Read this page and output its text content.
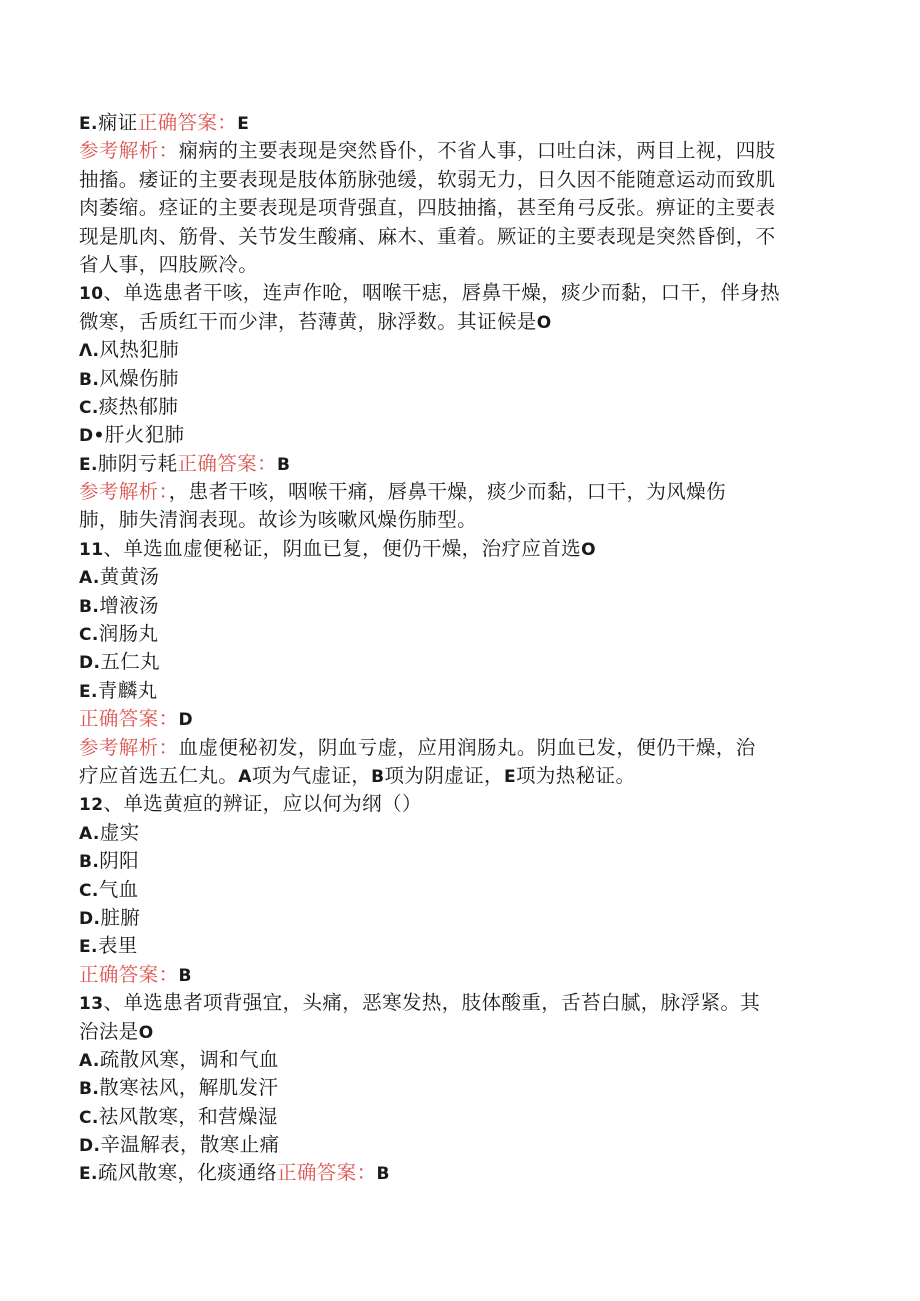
E.痫证正确答案：E
参考解析：痫病的主要表现是突然昏仆，不省人事，口吐白沫，两目上视，四肢
抽搐。痿证的主要表现是肢体筋脉弛缓，软弱无力，日久因不能随意运动而致肌
肉萎缩。痉证的主要表现是项背强直，四肢抽搐，甚至角弓反张。痹证的主要表
现是肌肉、筋骨、关节发生酸痛、麻木、重着。厥证的主要表现是突然昏倒，不
省人事，四肢厥冷。
10、单选患者干咳，连声作呛，咽喉干痣，唇鼻干燥，痰少而黏，口干，伴身热
微寒，舌质红干而少津，苔薄黄，脉浮数。其证候是O
Λ.风热犯肺
B.风燥伤肺
C.痰热郁肺
D•肝火犯肺
E.肺阴亏耗正确答案：B
参考解析：，患者干咳，咽喉干痛，唇鼻干燥，痰少而黏，口干，为风燥伤
肺，肺失清润表现。故诊为咳嗽风燥伤肺型。
11、单选血虚便秘证，阴血已复，便仍干燥，治疗应首选O
A.黄黄汤
B.增液汤
C.润肠丸
D.五仁丸
E.青麟丸
正确答案：D
参考解析：血虚便秘初发，阴血亏虚，应用润肠丸。阴血已发，便仍干燥，治
疗应首选五仁丸。A项为气虚证，B项为阴虚证，E项为热秘证。
12、单选黄疸的辨证，应以何为纲（）
A.虚实
B.阴阳
C.气血
D.脏腑
E.表里
正确答案：B
13、单选患者项背强宜，头痛，恶寒发热，肢体酸重，舌苔白腻，脉浮紧。其
治法是O
A.疏散风寒，调和气血
B.散寒祛风，解肌发汗
C.祛风散寒，和营燥湿
D.辛温解表，散寒止痛
E.疏风散寒，化痰通络正确答案：B
